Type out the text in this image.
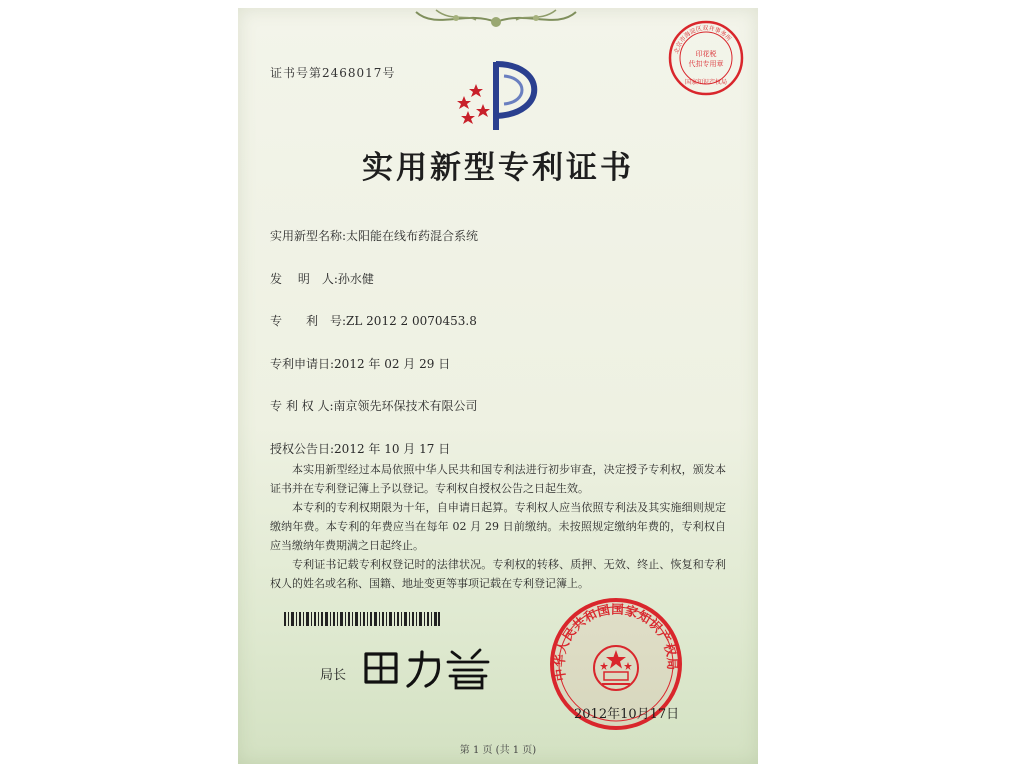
证书号第2468017号
北京市海淀区双井事务所
印花税
代扣专用章
国家知识产权局
实用新型专利证书
实用新型名称:太阳能在线布药混合系统
发　 明　人:孙水健
专　　利　号:ZL 2012 2 0070453.8
专利申请日:2012 年 02 月 29 日
专 利 权 人:南京领先环保技术有限公司
授权公告日:2012 年 10 月 17 日

本实用新型经过本局依照中华人民共和国专利法进行初步审查，决定授予专利权，颁发本证书并在专利登记簿上予以登记。专利权自授权公告之日起生效。

本专利的专利权期限为十年，自申请日起算。专利权人应当依照专利法及其实施细则规定缴纳年费。本专利的年费应当在每年 02 月 29 日前缴纳。未按照规定缴纳年费的，专利权自应当缴纳年费期满之日起终止。

专利证书记载专利权登记时的法律状况。专利权的转移、质押、无效、终止、恢复和专利权人的姓名或名称、国籍、地址变更等事项记载在专利登记簿上。

局长	中华人民共和国国家知识产权局
2012年10月17日
第 1 页 (共 1 页)
